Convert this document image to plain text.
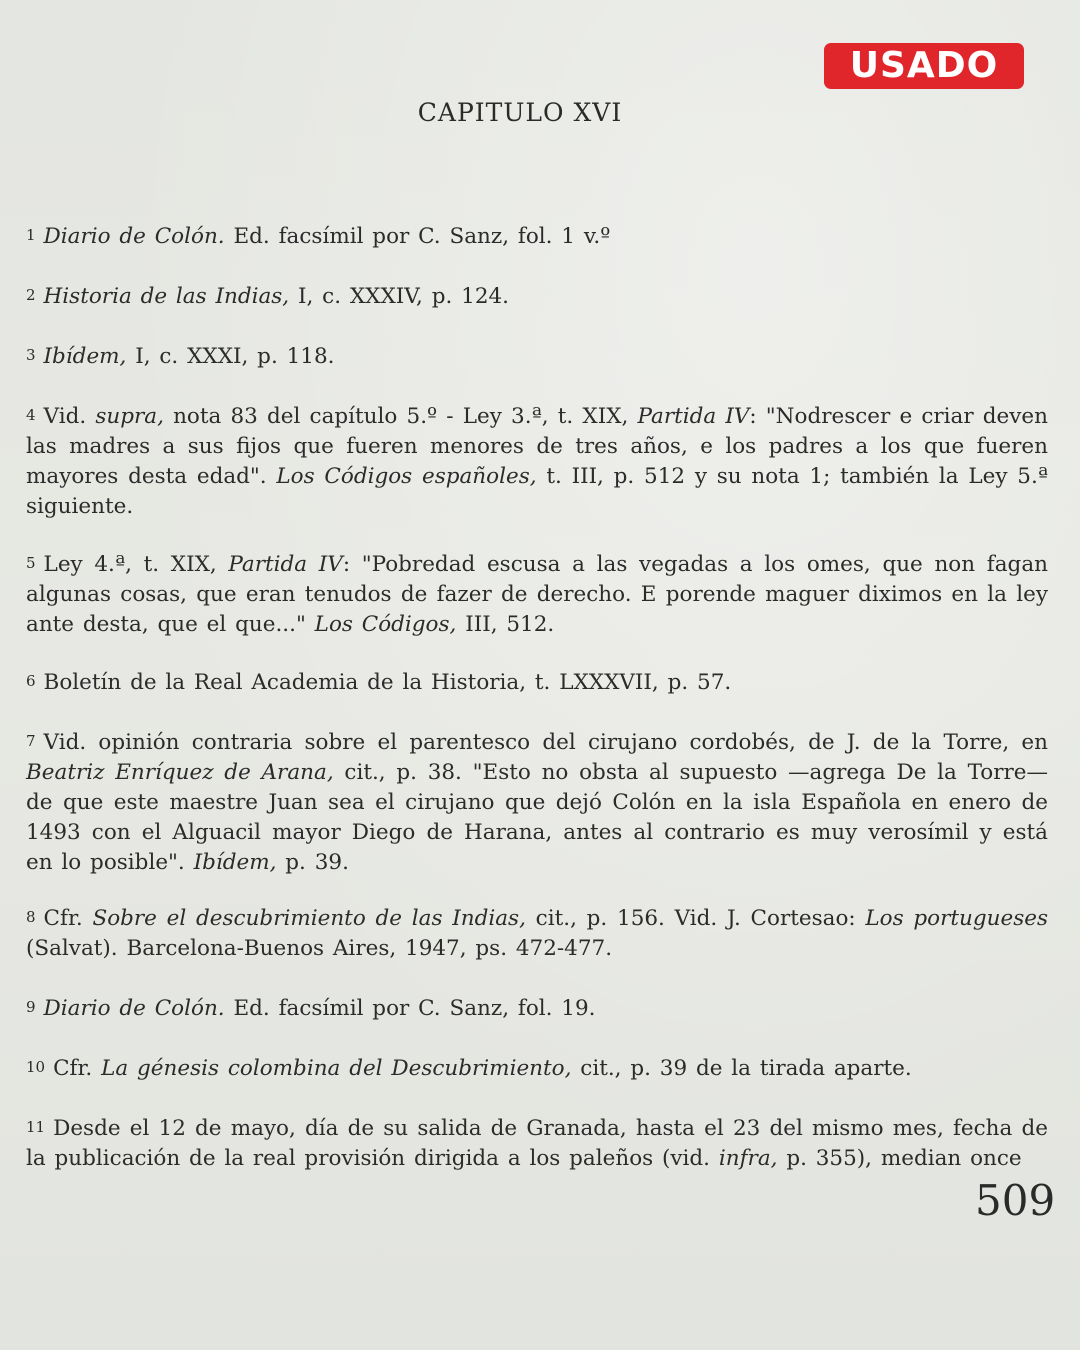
USADO
CAPITULO XVI

1 Diario de Colón. Ed. facsímil por C. Sanz, fol. 1 v.º

2 Historia de las Indias, I, c. XXXIV, p. 124.

3 Ibídem, I, c. XXXI, p. 118.

4 Vid. supra, nota 83 del capítulo 5.º - Ley 3.ª, t. XIX, Partida IV: "Nodrescer e criar deven las madres a sus fijos que fueren menores de tres años, e los padres a los que fueren mayores desta edad". Los Códigos españoles, t. III, p. 512 y su nota 1; también la Ley 5.ª siguiente.

5 Ley 4.ª, t. XIX, Partida IV: "Pobredad escusa a las vegadas a los omes, que non fagan algunas cosas, que eran tenudos de fazer de derecho. E porende maguer diximos en la ley ante desta, que el que..." Los Códigos, III, 512.

6 Boletín de la Real Academia de la Historia, t. LXXXVII, p. 57.

7 Vid. opinión contraria sobre el parentesco del cirujano cordobés, de J. de la Torre, en Beatriz Enríquez de Arana, cit., p. 38. "Esto no obsta al supuesto —agrega De la Torre— de que este maestre Juan sea el cirujano que dejó Colón en la isla Española en enero de 1493 con el Alguacil mayor Diego de Harana, antes al contrario es muy verosímil y está en lo posible". Ibídem, p. 39.

8 Cfr. Sobre el descubrimiento de las Indias, cit., p. 156. Vid. J. Cortesao: Los portugueses (Salvat). Barcelona-Buenos Aires, 1947, ps. 472-477.

9 Diario de Colón. Ed. facsímil por C. Sanz, fol. 19.

10 Cfr. La génesis colombina del Descubrimiento, cit., p. 39 de la tirada aparte.

11 Desde el 12 de mayo, día de su salida de Granada, hasta el 23 del mismo mes, fecha de la publicación de la real provisión dirigida a los paleños (vid. infra, p. 355), median once

509
